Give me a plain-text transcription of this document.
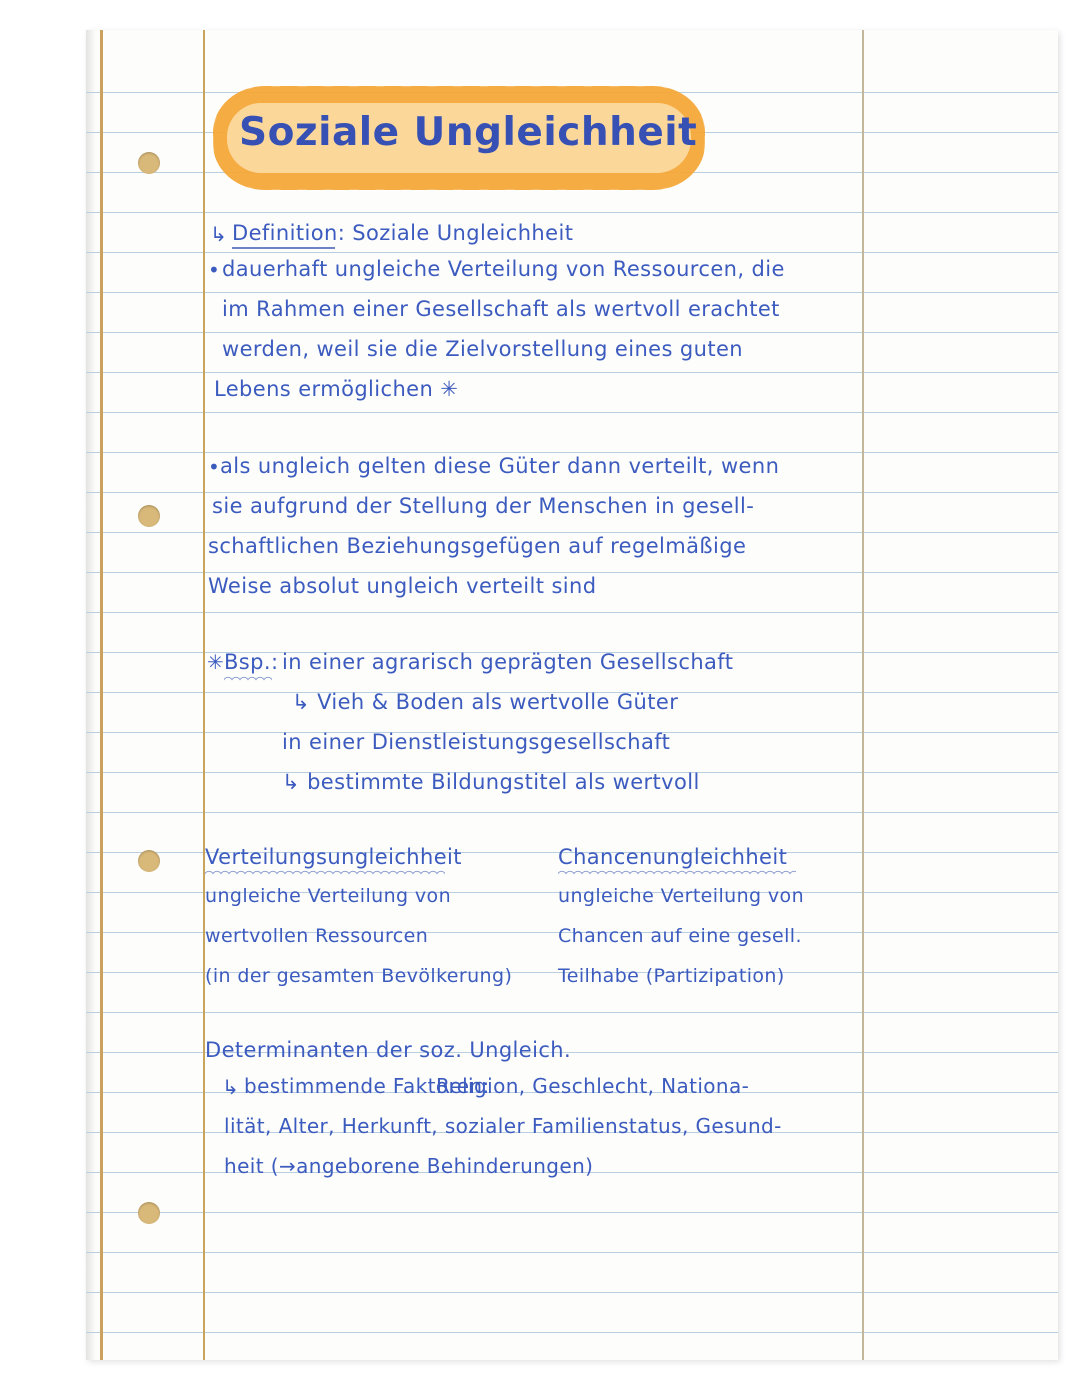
Soziale Ungleichheit
↳ Definition: Soziale Ungleichheit
• dauerhaft ungleiche Verteilung von Ressourcen, die
im Rahmen einer Gesellschaft als wertvoll erachtet
werden, weil sie die Zielvorstellung eines guten
Lebens ermöglichen ✳
• als ungleich gelten diese Güter dann verteilt, wenn
sie aufgrund der Stellung der Menschen in gesell-
schaftlichen Beziehungsgefügen auf regelmäßige
Weise absolut ungleich verteilt sind
✳ Bsp.: in einer agrarisch geprägten Gesellschaft
↳ Vieh & Boden als wertvolle Güter
in einer Dienstleistungsgesellschaft
↳ bestimmte Bildungstitel als wertvoll
Verteilungsungleichheit
ungleiche Verteilung von
wertvollen Ressourcen
(in der gesamten Bevölkerung)
Chancenungleichheit
ungleiche Verteilung von
Chancen auf eine gesell.
Teilhabe (Partizipation)
Determinanten der soz. Ungleich.
↳ bestimmende Faktoren:
Religion, Geschlecht, Nationa-
lität, Alter, Herkunft, sozialer Familienstatus, Gesund-
heit (→angeborene Behinderungen)
